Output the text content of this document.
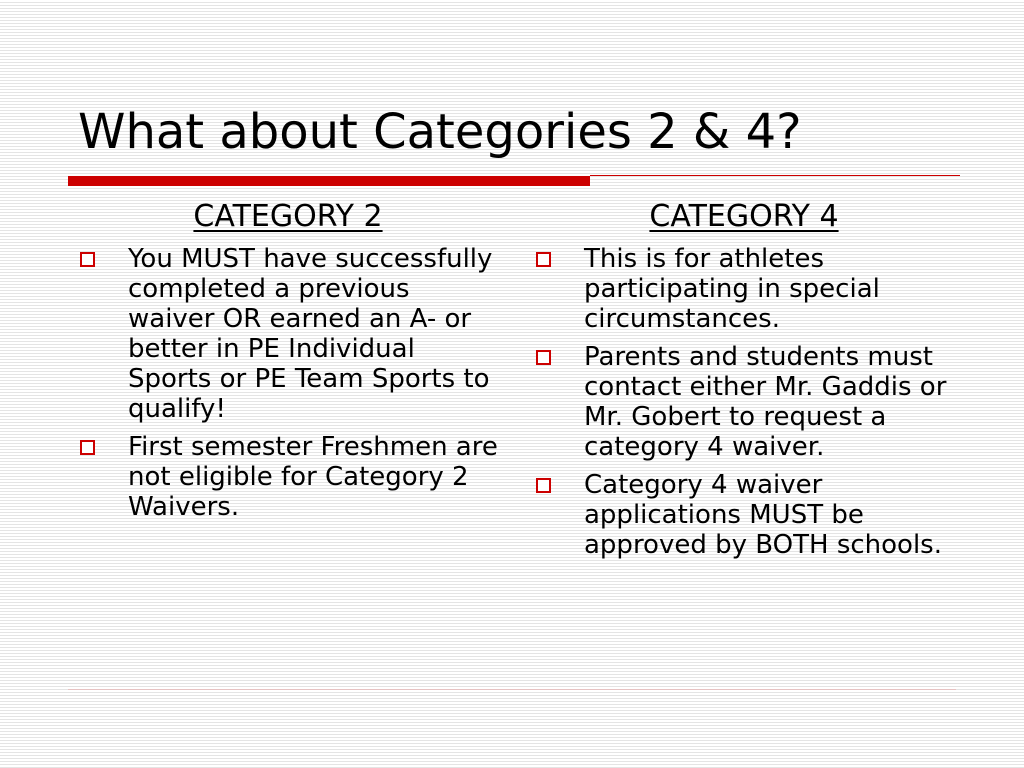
What about Categories 2 & 4?
CATEGORY 2
You MUST have successfully completed a previous waiver OR earned an A- or better in PE Individual Sports or PE Team Sports to qualify!
First semester Freshmen are not eligible for Category 2 Waivers.
CATEGORY 4
This is for athletes participating in special circumstances.
Parents and students must contact either Mr. Gaddis or Mr. Gobert to request a category 4 waiver.
Category 4 waiver applications MUST be approved by BOTH schools.
